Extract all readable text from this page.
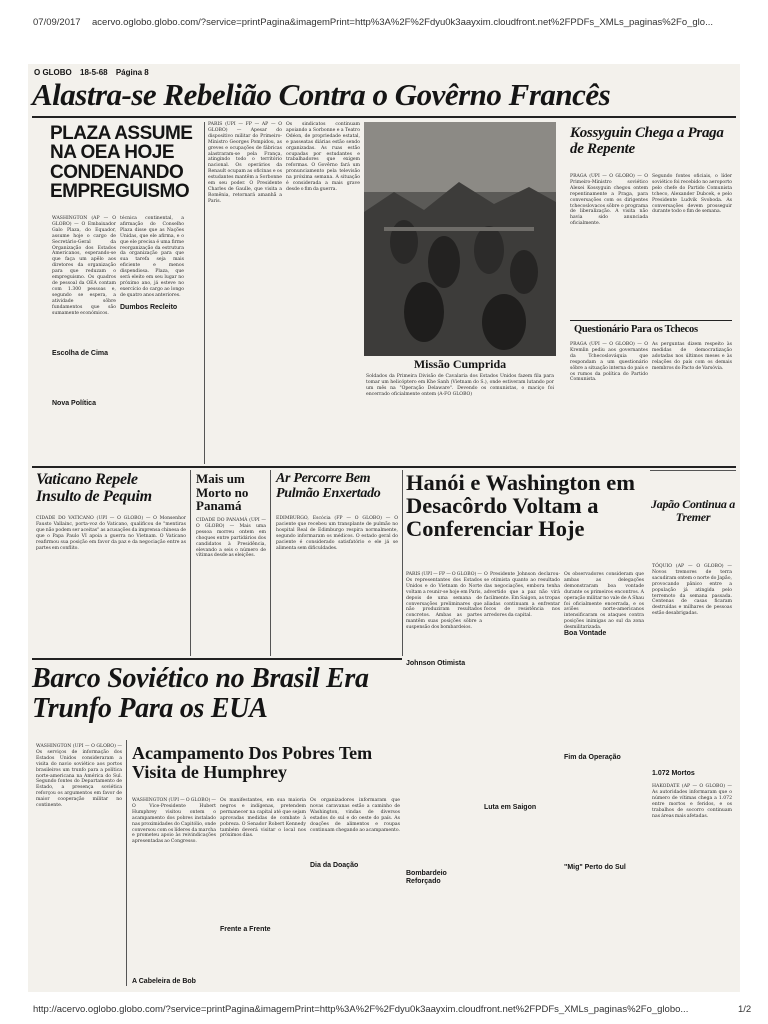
07/09/2017 acervo.oglobo.globo.com/?service=printPagina&imagemPrint=http%3A%2F%2Fdyu0k3aayxim.cloudfront.net%2FPDFs_XMLs_paginas%2Fo_glo...
O GLOBO 18-5-68 Página 8
Alastra-se Rebelião Contra o Govêrno Francês
PLAZA ASSUME NA OEA HOJE CONDENANDO EMPREGUISMO
WASHINGTON (AP — O GLOBO) — O Embaixador Galo Plaza, do Equador, assume hoje o cargo de Secretário-Geral da Organização dos Estados Americanos, esperando-se que faça um apêlo aos diretores da organização para que reduzam o empreguismo. Os quadros de pessoal da OEA contam com 1.300 pessoas e, segundo se espera, a atividade sôbre fundamentos que são sumamente económicos.
Escolha de Cima
Nova Política
técnica continental, a afirmação do Conselho Plaza disse que as Nações Unidas, que ele afirma, e o que ele precisa é uma firme reorganização da estrutura da organização para que sua tarefa seja mais eficiente e menos dispendiosa. Plaza, que será eleito em seu lugar no próximo ano, já esteve no exercício do cargo ao longo de quatro anos anteriores.
Dumbos Recleito
PARIS (UPI — FP — AP — O GLOBO) — Apesar do dispositivo militar do Primeiro-Ministro Georges Pompidou, as greves e ocupações de fábricas alastraram-se pela França, atingindo todo o território nacional. Os operários da Renault ocupam as oficinas e os estudantes mantêm a Sorbonne em seu poder. O Presidente Charles de Gaulle, que visita a Romênia, retornará amanhã a Paris.
Os sindicatos continuam apoiando a Sorbonne e a Teatro Odéon, de propriedade estatal, e passeatas diárias estão sendo organizadas. As ruas estão ocupadas por estudantes e trabalhadores que exigem reformas. O Govêrno fará um pronunciamento pela televisão na próxima semana. A situação é considerada a mais grave desde o fim da guerra.
Missão Cumprida
Soldados da Primeira Divisão de Cavalaria dos Estados Unidos fazem fila para tomar um helicóptero em Khe Sanh (Vietnam do S.), onde estiveram lutando por um mês na "Operação Delaware". Devendo os comunistas, o maciço foi encerrado oficialmente ontem (A-FO GLOBO)
Kossyguin Chega a Praga de Repente
PRAGA (UPI — O GLOBO) — O Primeiro-Ministro soviético Alexei Kossyguin chegou ontem repentinamente a Praga, para conversações com os dirigentes tchecoslovacos sôbre o programa de liberalização. A visita não havia sido anunciada oficialmente.
Segundo fontes oficiais, o líder soviético foi recebido no aeroporto pelo chefe do Partido Comunista tcheco, Alexander Dubcek, e pelo Presidente Ludvik Svoboda. As conversações devem prosseguir durante todo o fim de semana.
Questionário Para os Tchecos
PRAGA (UPI — O GLOBO) — O Kremlin pediu aos governantes da Tchecoslováquia que respondam a um questionário sôbre a situação interna do país e os rumos da política do Partido Comunista.
As perguntas dizem respeito às medidas de democratização adotadas nos últimos meses e às relações do país com os demais membros do Pacto de Varsóvia.
Vaticano Repele Insulto de Pequim
CIDADE DO VATICANO (UPI — O GLOBO) — O Monsenhor Fausto Vallainc, porta-voz do Vaticano, qualificou de "mentiras que não podem ser aceitas" as acusações da imprensa chinesa de que o Papa Paulo VI apoia a guerra no Vietnam. O Vaticano reafirmou sua posição em favor da paz e da negociação entre as partes em conflito.
Mais um Morto no Panamá
CIDADE DO PANAMÁ (UPI — O GLOBO) — Mais uma pessoa morreu ontem em choques entre partidários dos candidatos à Presidência, elevando a seis o número de vítimas desde as eleições.
Ar Percorre Bem Pulmão Enxertado
EDIMBURGO, Escócia (FP — O GLOBO) — O paciente que recebeu um transplante de pulmão no hospital Real de Edimburgo respira normalmente, segundo informaram os médicos. O estado geral do paciente é considerado satisfatório e ele já se alimenta sem dificuldades.
Hanói e Washington em Desacôrdo Voltam a Conferenciar Hoje
PARIS (UPI — FP — O GLOBO) — Os representantes dos Estados Unidos e do Vietnam do Norte voltam a reunir-se hoje em Paris, depois de uma semana de conversações preliminares que não produziram resultados concretos. Ambas as partes mantêm suas posições sôbre a suspensão dos bombardeios.
Johnson Otimista
Luta em Saigon
Bombardeio Reforçado
O Presidente Johnson declarou-se otimista quanto ao resultado das negociações, embora tenha advertido que a paz não virá facilmente. Em Saigon, as tropas aliadas continuam a enfrentar focos de resistência nos arredores da capital.
Boa Vontade
Os observadores consideram que ambas as delegações demonstraram boa vontade durante os primeiros encontros. A operação militar no vale de A Shau foi oficialmente encerrada, e os aviões norte-americanos intensificaram os ataques contra posições inimigas ao sul da zona desmilitarizada.
Fim da Operação
"Mig" Perto do Sul
Japão Continua a Tremer
TÓQUIO (AP — O GLOBO) — Novos tremores de terra sacudiram ontem o norte do Japão, provocando pânico entre a população já atingida pelo terremoto da semana passada. Centenas de casas ficaram destruídas e milhares de pessoas estão desabrigadas.
1.072 Mortos
HAKODATE (AP — O GLOBO) — As autoridades informaram que o número de vítimas chega a 1.072 entre mortos e feridos, e os trabalhos de socorro continuam nas áreas mais afetadas.
Barco Soviético no Brasil Era Trunfo Para os EUA
WASHINGTON (UPI — O GLOBO) — Os serviços de informação dos Estados Unidos consideraram a visita do navio soviético aos portos brasileiros um trunfo para a política norte-americana na América do Sul. Segundo fontes do Departamento de Estado, a presença soviética reforçou os argumentos em favor de maior cooperação militar no continente.
Acampamento Dos Pobres Tem Visita de Humphrey
WASHINGTON (UPI — O GLOBO) — O Vice-Presidente Hubert Humphrey visitou ontem o acampamento dos pobres instalado nas proximidades do Capitólio, onde conversou com os líderes da marcha e prometeu apoio às reivindicações apresentadas ao Congresso.
A Cabeleira de Bob
Os manifestantes, em sua maioria negros e indígenas, pretendem permanecer na capital até que sejam aprovadas medidas de combate à pobreza. O Senador Robert Kennedy também deverá visitar o local nos próximos dias.
Frente a Frente
Os organizadores informaram que novas caravanas estão a caminho de Washington, vindas de diversos estados do sul e do oeste do país. As doações de alimentos e roupas continuam chegando ao acampamento.
Dia da Doação
http://acervo.oglobo.globo.com/?service=printPagina&imagemPrint=http%3A%2F%2Fdyu0k3aayxim.cloudfront.net%2FPDFs_XMLs_paginas%2Fo_globo...	1/2
